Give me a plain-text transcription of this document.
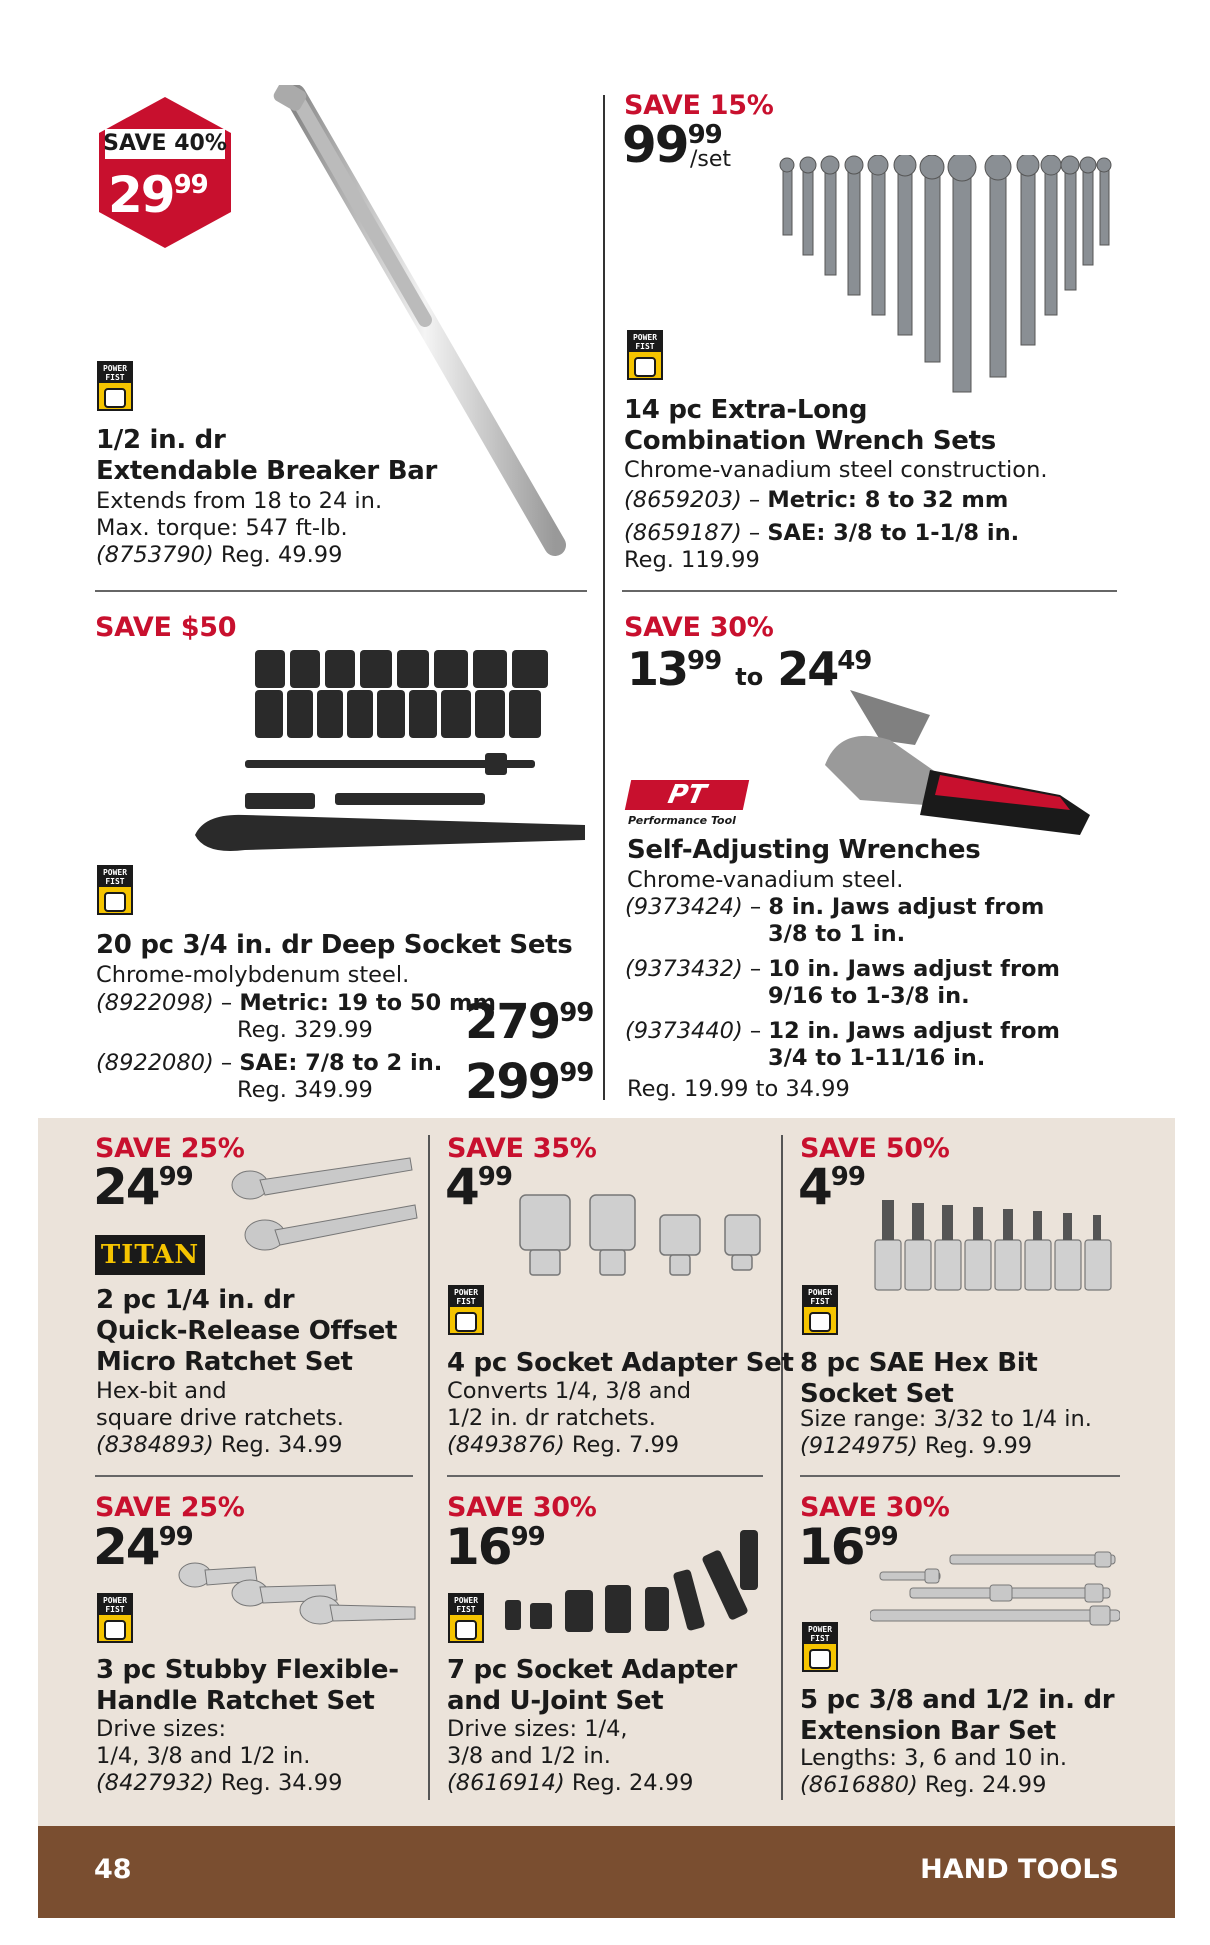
SAVE 40%
$29^{99}$
POWER FIST
1/2 in. dr
Extendable Breaker Bar
Extends from 18 to 24 in.
Max. torque: 547 ft-lb.
(8753790) Reg. 49.99
SAVE 15%
$99^{99}$
/set
POWER FIST
14 pc Extra-Long
Combination Wrench Sets
Chrome-vanadium steel construction.
(8659203) – Metric: 8 to 32 mm
(8659187) – SAE: 3/8 to 1-1/8 in.
Reg. 119.99
SAVE $50
POWER FIST
20 pc 3/4 in. dr Deep Socket Sets
Chrome-molybdenum steel.
(8922098) – Metric: 19 to 50 mm
Reg. 329.99 $279^{99}$
(8922080) – SAE: 7/8 to 2 in.
Reg. 349.99 $299^{99}$
SAVE 30%
$13^{99}$ to $24^{49}$
PT
Performance Tool
Self-Adjusting Wrenches
Chrome-vanadium steel.
(9373424) – 8 in. Jaws adjust from
3/8 to 1 in.
(9373432) – 10 in. Jaws adjust from
9/16 to 1-3/8 in.
(9373440) – 12 in. Jaws adjust from
3/4 to 1-11/16 in.
Reg. 19.99 to 34.99
SAVE 25%
$24^{99}$
TITAN
2 pc 1/4 in. dr
Quick-Release Offset
Micro Ratchet Set
Hex-bit and
square drive ratchets.
(8384893) Reg. 34.99
SAVE 35%
$4^{99}$
POWER FIST
4 pc Socket Adapter Set
Converts 1/4, 3/8 and
1/2 in. dr ratchets.
(8493876) Reg. 7.99
SAVE 50%
$4^{99}$
POWER FIST
8 pc SAE Hex Bit
Socket Set
Size range: 3/32 to 1/4 in.
(9124975) Reg. 9.99
SAVE 25%
$24^{99}$
POWER FIST
3 pc Stubby Flexible-
Handle Ratchet Set
Drive sizes:
1/4, 3/8 and 1/2 in.
(8427932) Reg. 34.99
SAVE 30%
$16^{99}$
POWER FIST
7 pc Socket Adapter
and U-Joint Set
Drive sizes: 1/4,
3/8 and 1/2 in.
(8616914) Reg. 24.99
SAVE 30%
$16^{99}$
POWER FIST
5 pc 3/8 and 1/2 in. dr
Extension Bar Set
Lengths: 3, 6 and 10 in.
(8616880) Reg. 24.99
48	HAND TOOLS
